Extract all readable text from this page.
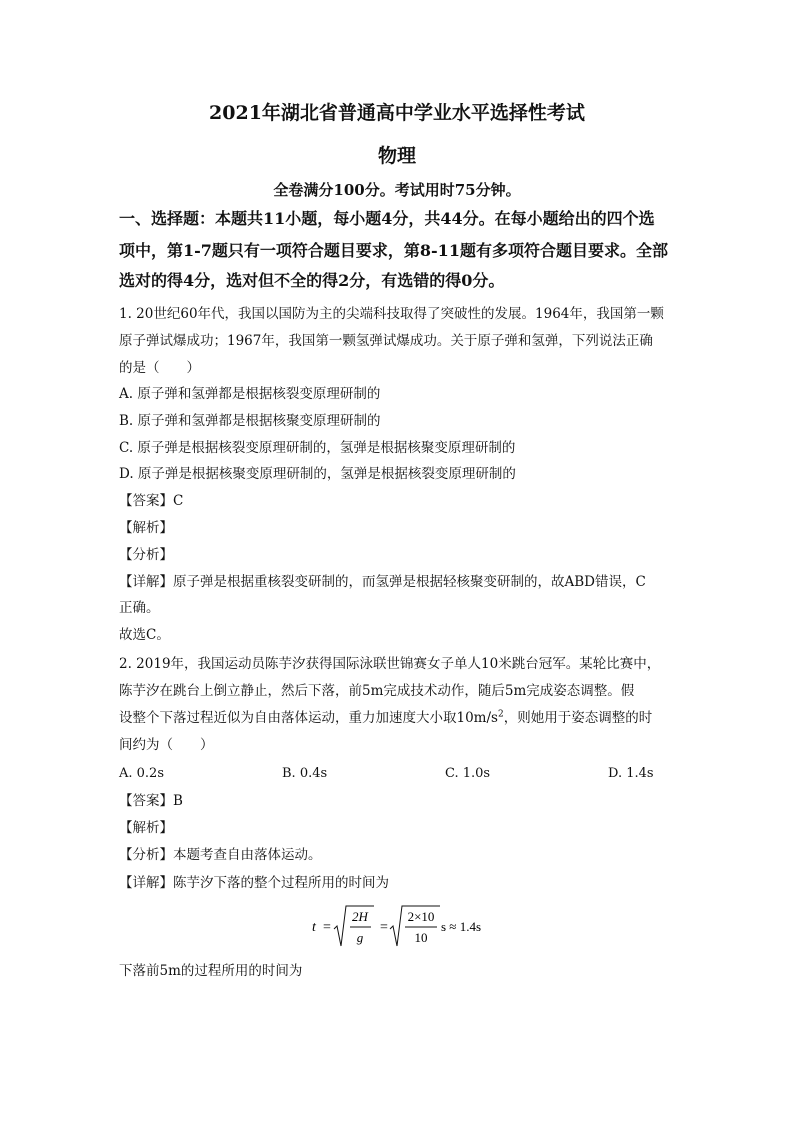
2021年湖北省普通高中学业水平选择性考试
物理
全卷满分100分。考试用时75分钟。
一、选择题：本题共11小题，每小题4分，共44分。在每小题给出的四个选
项中，第1-7题只有一项符合题目要求，第8-11题有多项符合题目要求。全部
选对的得4分，选对但不全的得2分，有选错的得0分。
1. 20世纪60年代，我国以国防为主的尖端科技取得了突破性的发展。1964年，我国第一颗
原子弹试爆成功；1967年，我国第一颗氢弹试爆成功。关于原子弹和氢弹，下列说法正确
的是（　　）
A. 原子弹和氢弹都是根据核裂变原理研制的
B. 原子弹和氢弹都是根据核聚变原理研制的
C. 原子弹是根据核裂变原理研制的，氢弹是根据核聚变原理研制的
D. 原子弹是根据核聚变原理研制的，氢弹是根据核裂变原理研制的
【答案】C
【解析】
【分析】
【详解】原子弹是根据重核裂变研制的，而氢弹是根据轻核聚变研制的，故ABD错误，C
正确。
故选C。
2. 2019年，我国运动员陈芋汐获得国际泳联世锦赛女子单人10米跳台冠军。某轮比赛中，
陈芋汐在跳台上倒立静止，然后下落，前5m完成技术动作，随后5m完成姿态调整。假
设整个下落过程近似为自由落体运动，重力加速度大小取$10m/s^2$，则她用于姿态调整的时
间约为（　　）
A. 0.2s	B. 0.4s	C. 1.0s	D. 1.4s
【答案】B
【解析】
【分析】本题考查自由落体运动。
【详解】陈芋汐下落的整个过程所用的时间为
t =
2H
g
=
2×10
10
s ≈ 1.4s
下落前5m的过程所用的时间为
